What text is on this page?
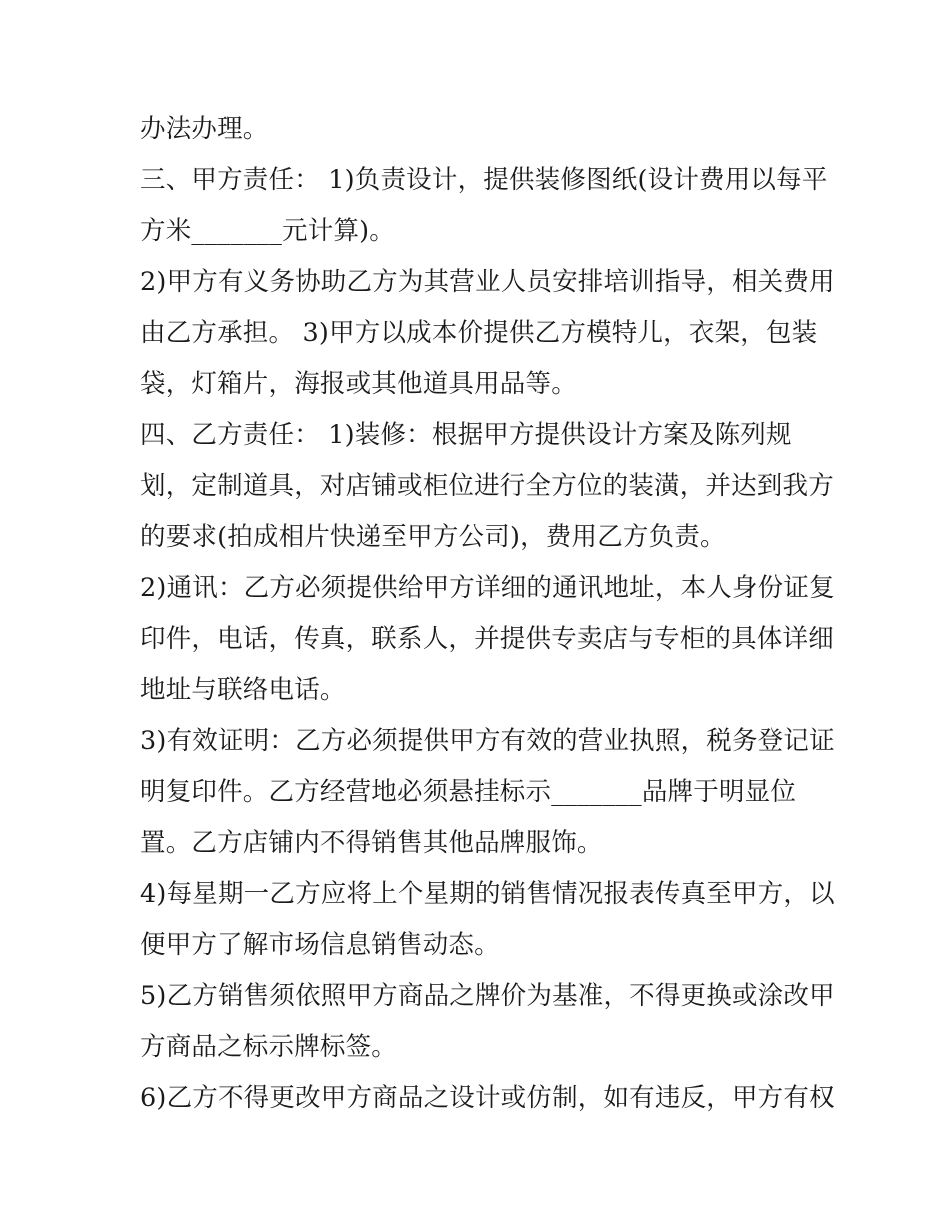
办法办理。
三、甲方责任： 1)负责设计，提供装修图纸(设计费用以每平
方米_______元计算)。
2)甲方有义务协助乙方为其营业人员安排培训指导，相关费用
由乙方承担。 3)甲方以成本价提供乙方模特儿，衣架，包装
袋，灯箱片，海报或其他道具用品等。
四、乙方责任： 1)装修：根据甲方提供设计方案及陈列规
划，定制道具，对店铺或柜位进行全方位的装潢，并达到我方
的要求(拍成相片快递至甲方公司)，费用乙方负责。
2)通讯：乙方必须提供给甲方详细的通讯地址，本人身份证复
印件，电话，传真，联系人，并提供专卖店与专柜的具体详细
地址与联络电话。
3)有效证明：乙方必须提供甲方有效的营业执照，税务登记证
明复印件。乙方经营地必须悬挂标示_______品牌于明显位
置。乙方店铺内不得销售其他品牌服饰。
4)每星期一乙方应将上个星期的销售情况报表传真至甲方，以
便甲方了解市场信息销售动态。
5)乙方销售须依照甲方商品之牌价为基准，不得更换或涂改甲
方商品之标示牌标签。
6)乙方不得更改甲方商品之设计或仿制，如有违反，甲方有权
